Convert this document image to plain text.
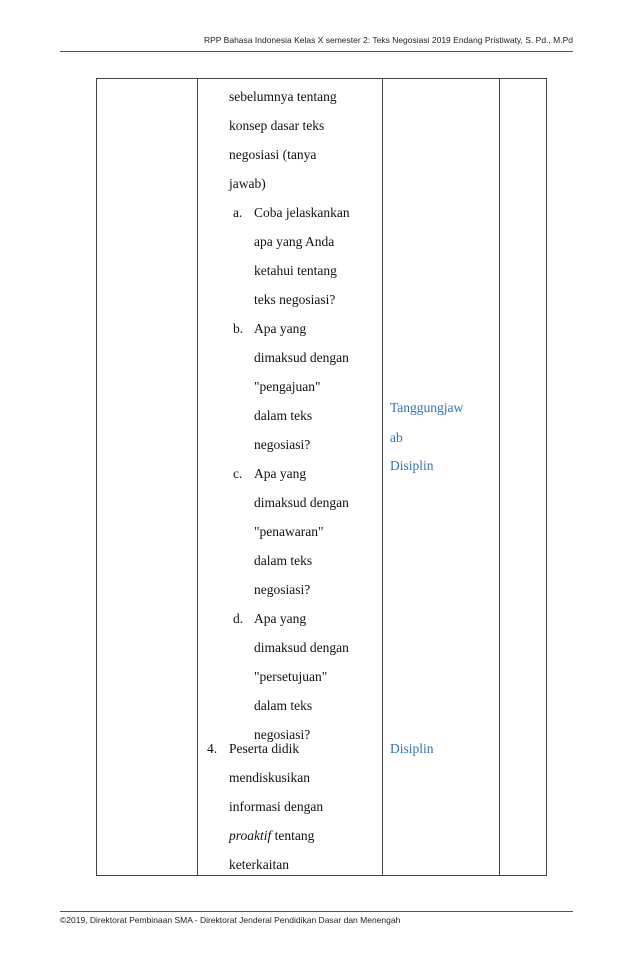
RPP Bahasa Indonesia Kelas X semester 2: Teks Negosiasi 2019 Endang Pristiwaty, S. Pd., M.Pd
sebelumnya tentang
konsep dasar teks
negosiasi (tanya
jawab)
a. Coba jelaskankan
apa yang Anda
ketahui tentang
teks negosiasi?
b. Apa yang
dimaksud dengan
"pengajuan"
dalam teks
negosiasi?
c. Apa yang
dimaksud dengan
"penawaran"
dalam teks
negosiasi?
d. Apa yang
dimaksud dengan
"persetujuan"
dalam teks
negosiasi?
4. Peserta didik
mendiskusikan
informasi dengan
proaktif tentang
keterkaitan
Tanggungjaw
ab
Disiplin
Disiplin
©2019, Direktorat Pembinaan SMA - Direktorat Jenderal Pendidikan Dasar dan Menengah
